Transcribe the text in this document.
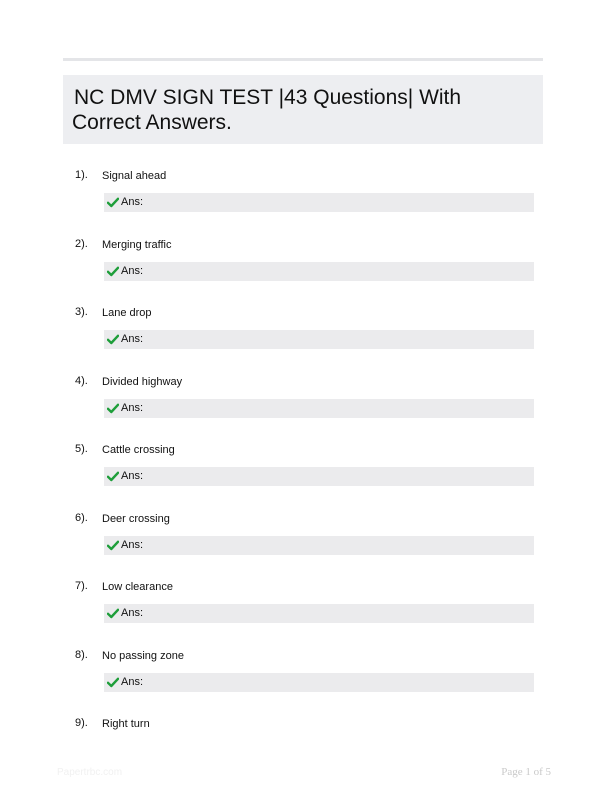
NC DMV SIGN TEST |43 Questions| With Correct Answers.
1). Signal ahead
Ans:
2). Merging traffic
Ans:
3). Lane drop
Ans:
4). Divided highway
Ans:
5). Cattle crossing
Ans:
6). Deer crossing
Ans:
7). Low clearance
Ans:
8). No passing zone
Ans:
9). Right turn
Papertrbc.com	Page 1 of 5
